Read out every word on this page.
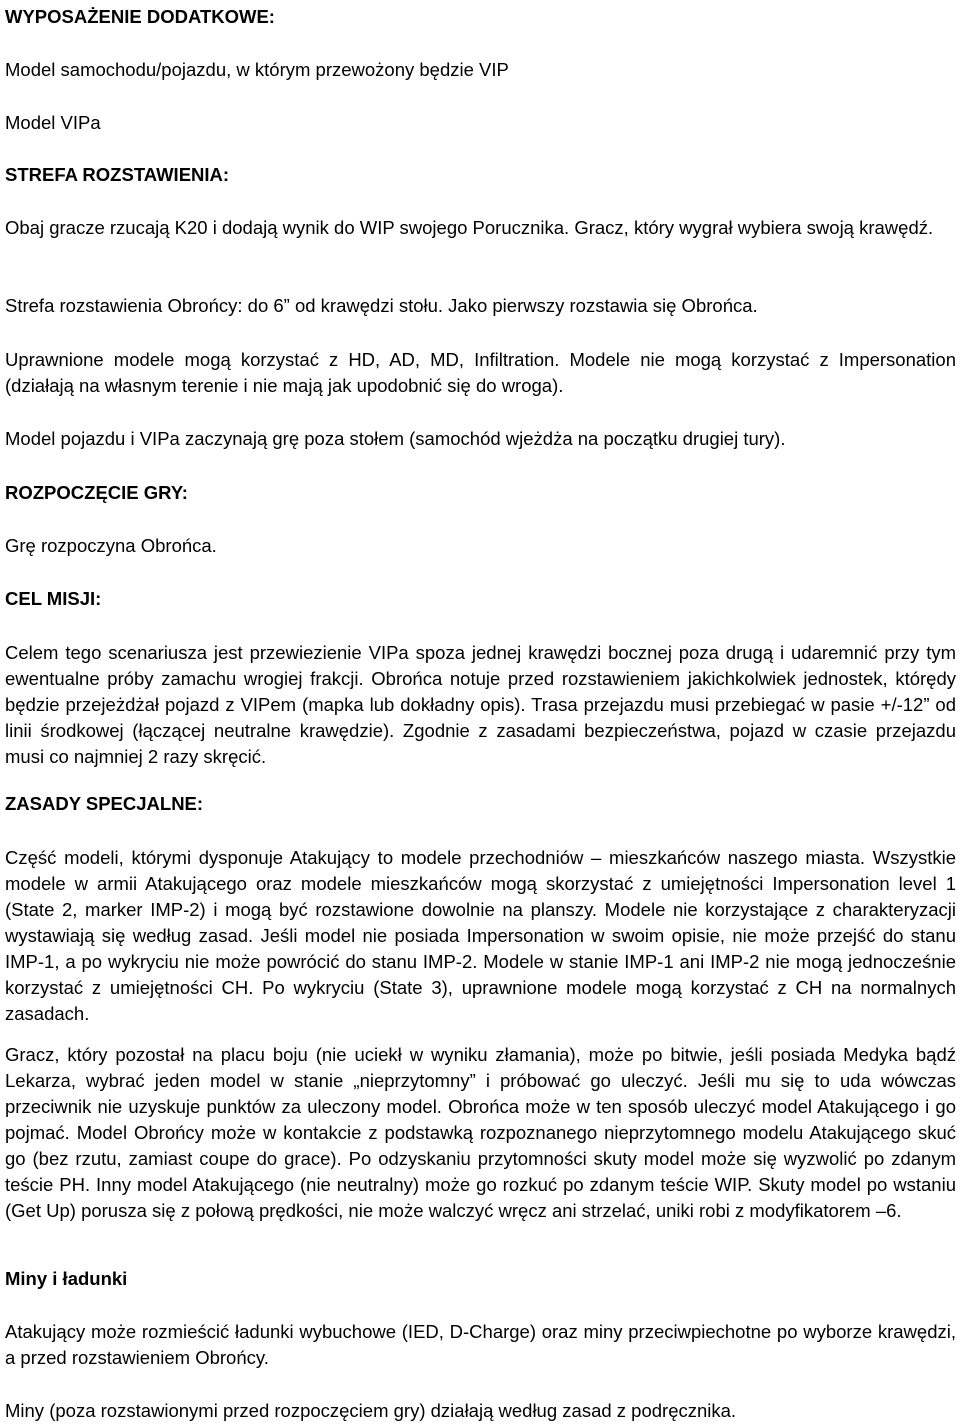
WYPOSAŻENIE DODATKOWE:

Model samochodu/pojazdu, w którym przewożony będzie VIP

Model VIPa

STREFA ROZSTAWIENIA:

Obaj gracze rzucają K20 i dodają wynik do WIP swojego Porucznika. Gracz, który wygrał wybiera swoją krawędź.

Strefa rozstawienia Obrońcy: do 6” od krawędzi stołu. Jako pierwszy rozstawia się Obrońca.

Uprawnione modele mogą korzystać z HD, AD, MD, Infiltration. Modele nie mogą korzystać z Impersonation (działają na własnym terenie i nie mają jak upodobnić się do wroga).

Model pojazdu i VIPa zaczynają grę poza stołem (samochód wjeżdża na początku drugiej tury).

ROZPOCZĘCIE GRY:

Grę rozpoczyna Obrońca.

CEL MISJI:

Celem tego scenariusza jest przewiezienie VIPa spoza jednej krawędzi bocznej poza drugą i udaremnić przy tym ewentualne próby zamachu wrogiej frakcji. Obrońca notuje przed rozstawieniem jakichkolwiek jednostek, którędy będzie przejeżdżał pojazd z VIPem (mapka lub dokładny opis). Trasa przejazdu musi przebiegać w pasie +/-12” od linii środkowej (łączącej neutralne krawędzie). Zgodnie z zasadami bezpieczeństwa, pojazd w czasie przejazdu musi co najmniej 2 razy skręcić.

ZASADY SPECJALNE:

Część modeli, którymi dysponuje Atakujący to modele przechodniów – mieszkańców naszego miasta. Wszystkie modele w armii Atakującego oraz modele mieszkańców mogą skorzystać z umiejętności Impersonation level 1 (State 2, marker IMP-2) i mogą być rozstawione dowolnie na planszy. Modele nie korzystające z charakteryzacji wystawiają się według zasad. Jeśli model nie posiada Impersonation w swoim opisie, nie może przejść do stanu IMP-1, a po wykryciu nie może powrócić do stanu IMP-2. Modele w stanie IMP-1 ani IMP-2 nie mogą jednocześnie korzystać z umiejętności CH. Po wykryciu (State 3), uprawnione modele mogą korzystać z CH na normalnych zasadach.

Gracz, który pozostał na placu boju (nie uciekł w wyniku złamania), może po bitwie, jeśli posiada Medyka bądź Lekarza, wybrać jeden model w stanie „nieprzytomny” i próbować go uleczyć. Jeśli mu się to uda wówczas przeciwnik nie uzyskuje punktów za uleczony model. Obrońca może w ten sposób uleczyć model Atakującego i go pojmać. Model Obrońcy może w kontakcie z podstawką rozpoznanego nieprzytomnego modelu Atakującego skuć go (bez rzutu, zamiast coupe do grace). Po odzyskaniu przytomności skuty model może się wyzwolić po zdanym teście PH. Inny model Atakującego (nie neutralny) może go rozkuć po zdanym teście WIP. Skuty model po wstaniu (Get Up) porusza się z połową prędkości, nie może walczyć wręcz ani strzelać, uniki robi z modyfikatorem –6.

Miny i ładunki

Atakujący może rozmieścić ładunki wybuchowe (IED, D-Charge) oraz miny przeciwpiechotne po wyborze krawędzi, a przed rozstawieniem Obrońcy.

Miny (poza rozstawionymi przed rozpoczęciem gry) działają według zasad z podręcznika.
